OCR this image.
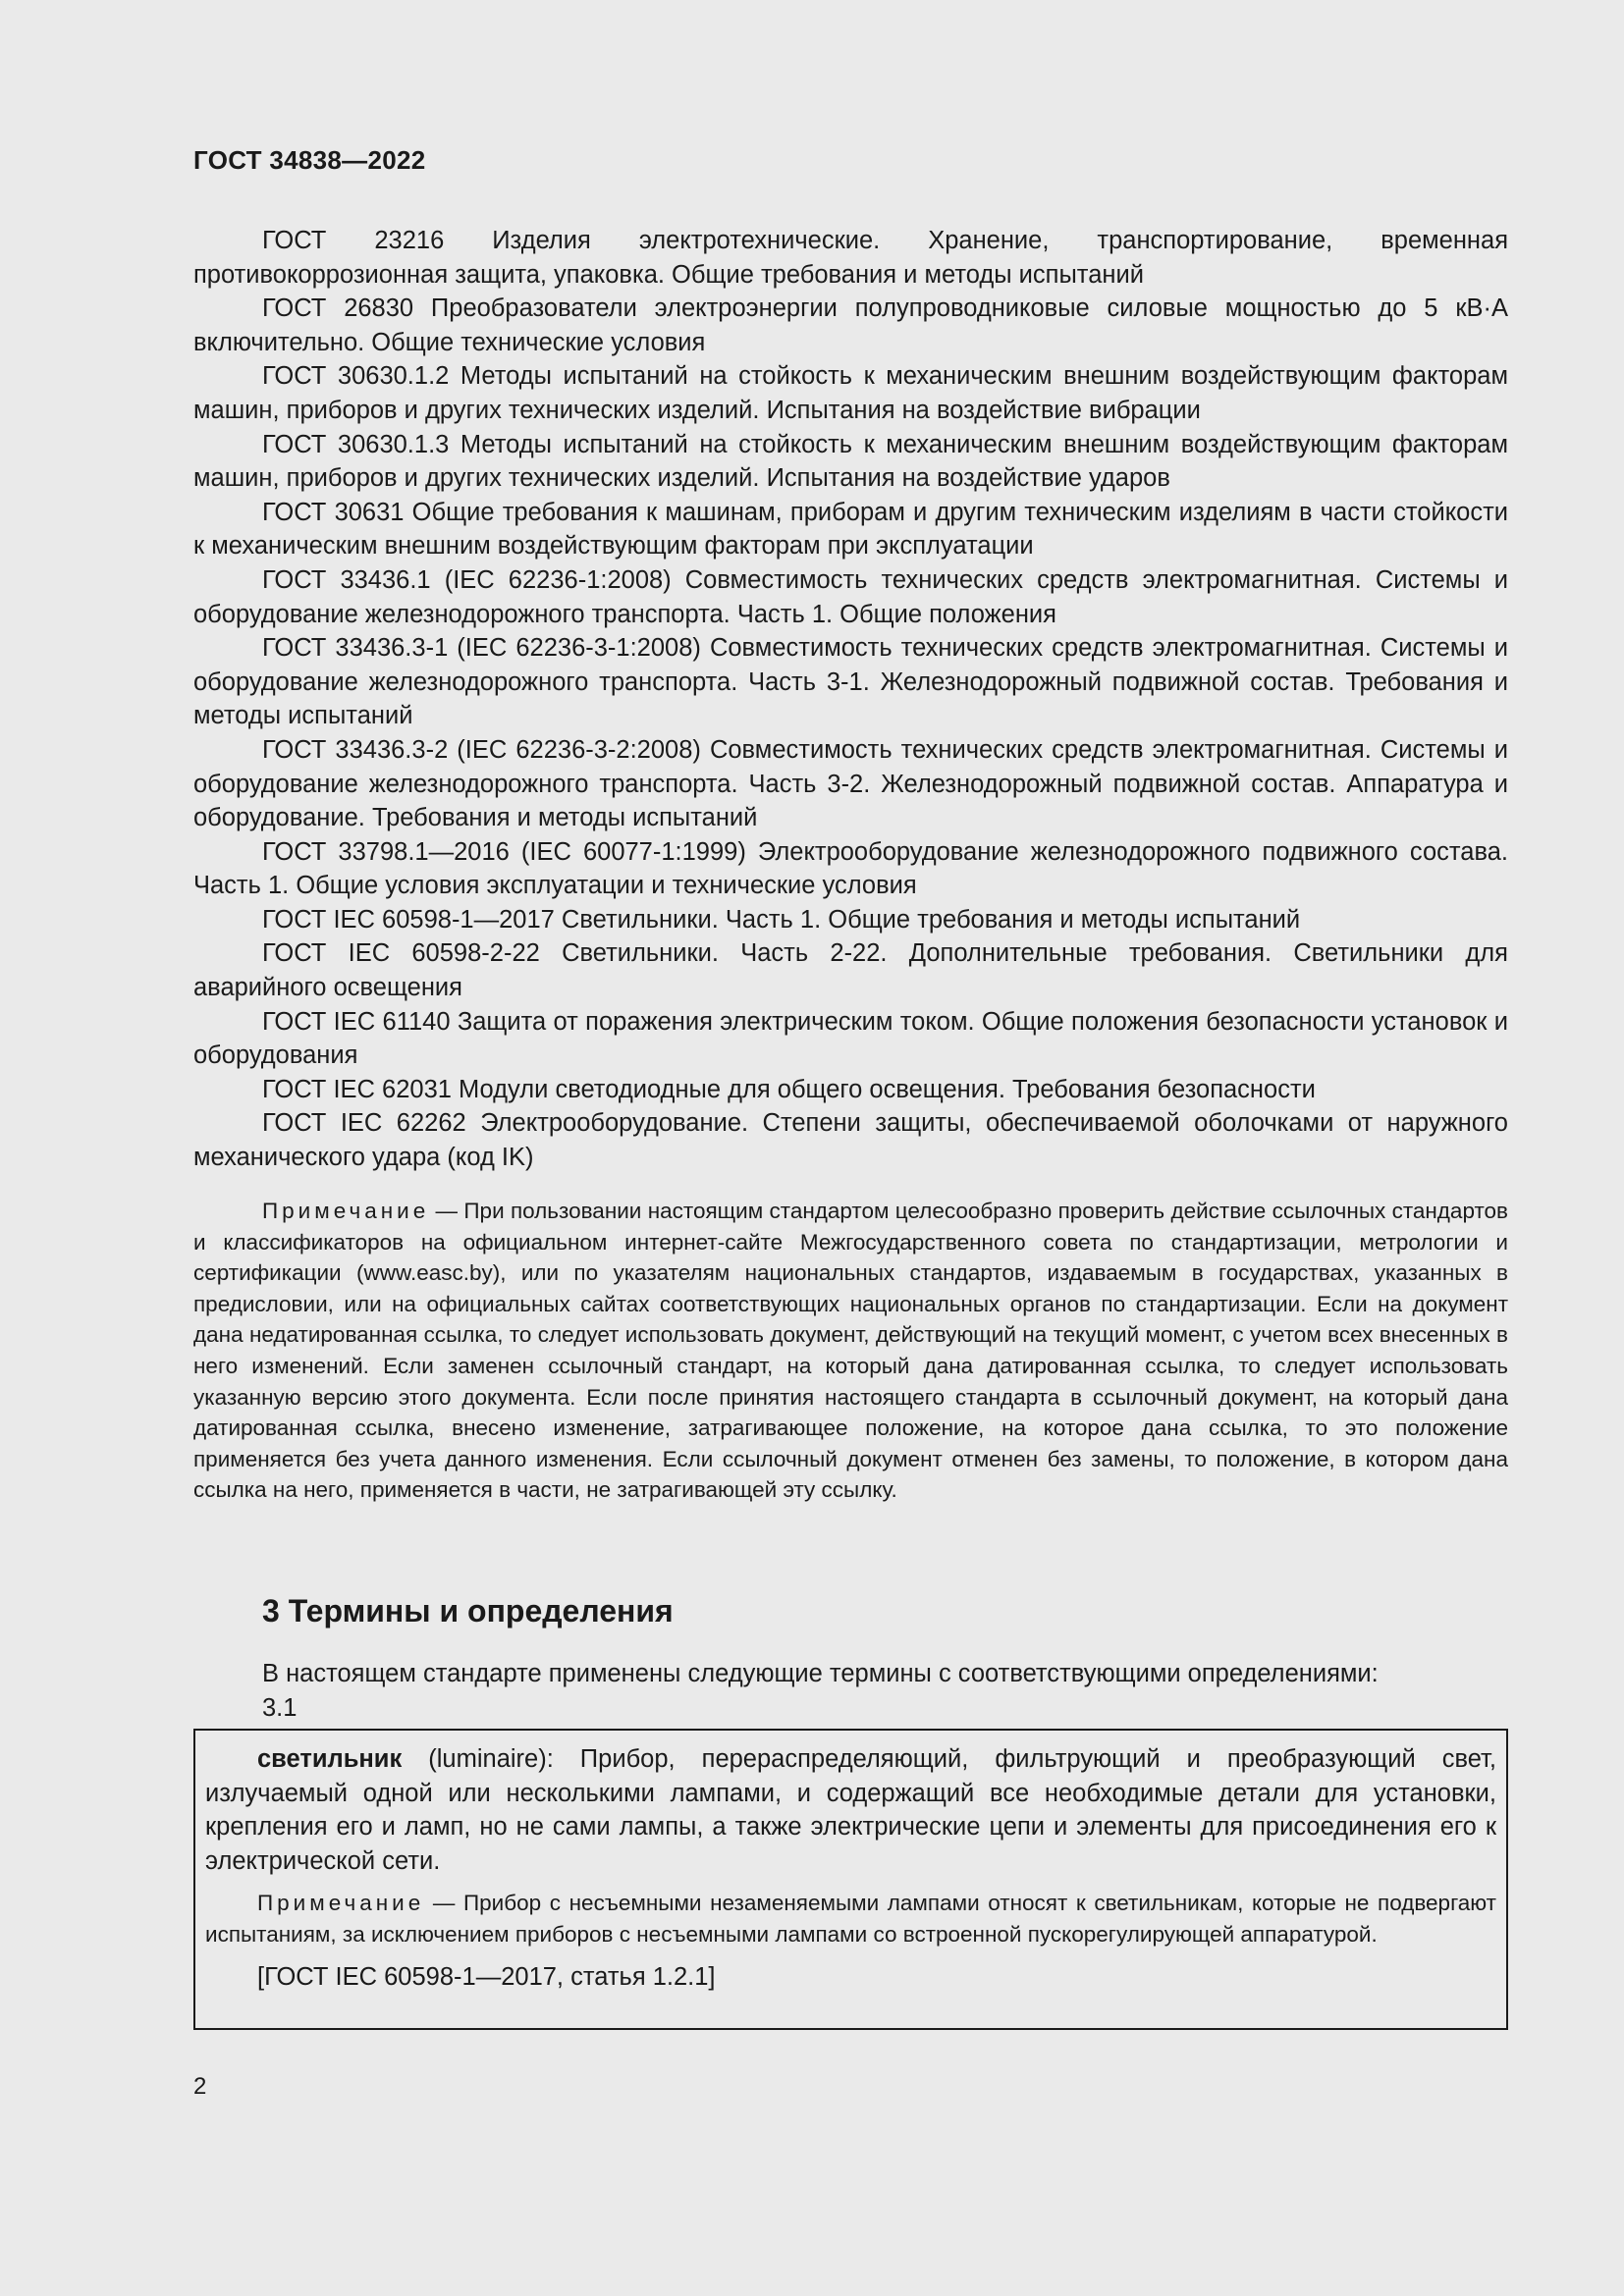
ГОСТ 34838—2022

ГОСТ 23216 Изделия электротехнические. Хранение, транспортирование, временная противокоррозионная защита, упаковка. Общие требования и методы испытаний

ГОСТ 26830 Преобразователи электроэнергии полупроводниковые силовые мощностью до 5 кВ·А включительно. Общие технические условия

ГОСТ 30630.1.2 Методы испытаний на стойкость к механическим внешним воздействующим факторам машин, приборов и других технических изделий. Испытания на воздействие вибрации

ГОСТ 30630.1.3 Методы испытаний на стойкость к механическим внешним воздействующим факторам машин, приборов и других технических изделий. Испытания на воздействие ударов

ГОСТ 30631 Общие требования к машинам, приборам и другим техническим изделиям в части стойкости к механическим внешним воздействующим факторам при эксплуатации

ГОСТ 33436.1 (IEC 62236-1:2008) Совместимость технических средств электромагнитная. Системы и оборудование железнодорожного транспорта. Часть 1. Общие положения

ГОСТ 33436.3-1 (IEC 62236-3-1:2008) Совместимость технических средств электромагнитная. Системы и оборудование железнодорожного транспорта. Часть 3-1. Железнодорожный подвижной состав. Требования и методы испытаний

ГОСТ 33436.3-2 (IEC 62236-3-2:2008) Совместимость технических средств электромагнитная. Системы и оборудование железнодорожного транспорта. Часть 3-2. Железнодорожный подвижной состав. Аппаратура и оборудование. Требования и методы испытаний

ГОСТ 33798.1—2016 (IEC 60077-1:1999) Электрооборудование железнодорожного подвижного состава. Часть 1. Общие условия эксплуатации и технические условия

ГОСТ IEC 60598-1—2017 Светильники. Часть 1. Общие требования и методы испытаний

ГОСТ IEC 60598-2-22 Светильники. Часть 2-22. Дополнительные требования. Светильники для аварийного освещения

ГОСТ IEC 61140 Защита от поражения электрическим током. Общие положения безопасности установок и оборудования

ГОСТ IEC 62031 Модули светодиодные для общего освещения. Требования безопасности

ГОСТ IEC 62262 Электрооборудование. Степени защиты, обеспечиваемой оболочками от наружного механического удара (код IK)

Примечание — При пользовании настоящим стандартом целесообразно проверить действие ссылочных стандартов и классификаторов на официальном интернет-сайте Межгосударственного совета по стандартизации, метрологии и сертификации (www.easc.by), или по указателям национальных стандартов, издаваемым в государствах, указанных в предисловии, или на официальных сайтах соответствующих национальных органов по стандартизации. Если на документ дана недатированная ссылка, то следует использовать документ, действующий на текущий момент, с учетом всех внесенных в него изменений. Если заменен ссылочный стандарт, на который дана датированная ссылка, то следует использовать указанную версию этого документа. Если после принятия настоящего стандарта в ссылочный документ, на который дана датированная ссылка, внесено изменение, затрагивающее положение, на которое дана ссылка, то это положение применяется без учета данного изменения. Если ссылочный документ отменен без замены, то положение, в котором дана ссылка на него, применяется в части, не затрагивающей эту ссылку.

3 Термины и определения

В настоящем стандарте применены следующие термины с соответствующими определениями:

3.1

светильник (luminaire): Прибор, перераспределяющий, фильтрующий и преобразующий свет, излучаемый одной или несколькими лампами, и содержащий все необходимые детали для установки, крепления его и ламп, но не сами лампы, а также электрические цепи и элементы для присоединения его к электрической сети.

Примечание — Прибор с несъемными незаменяемыми лампами относят к светильникам, которые не подвергают испытаниям, за исключением приборов с несъемными лампами со встроенной пускорегулирующей аппаратурой.

[ГОСТ IEC 60598-1—2017, статья 1.2.1]

2
